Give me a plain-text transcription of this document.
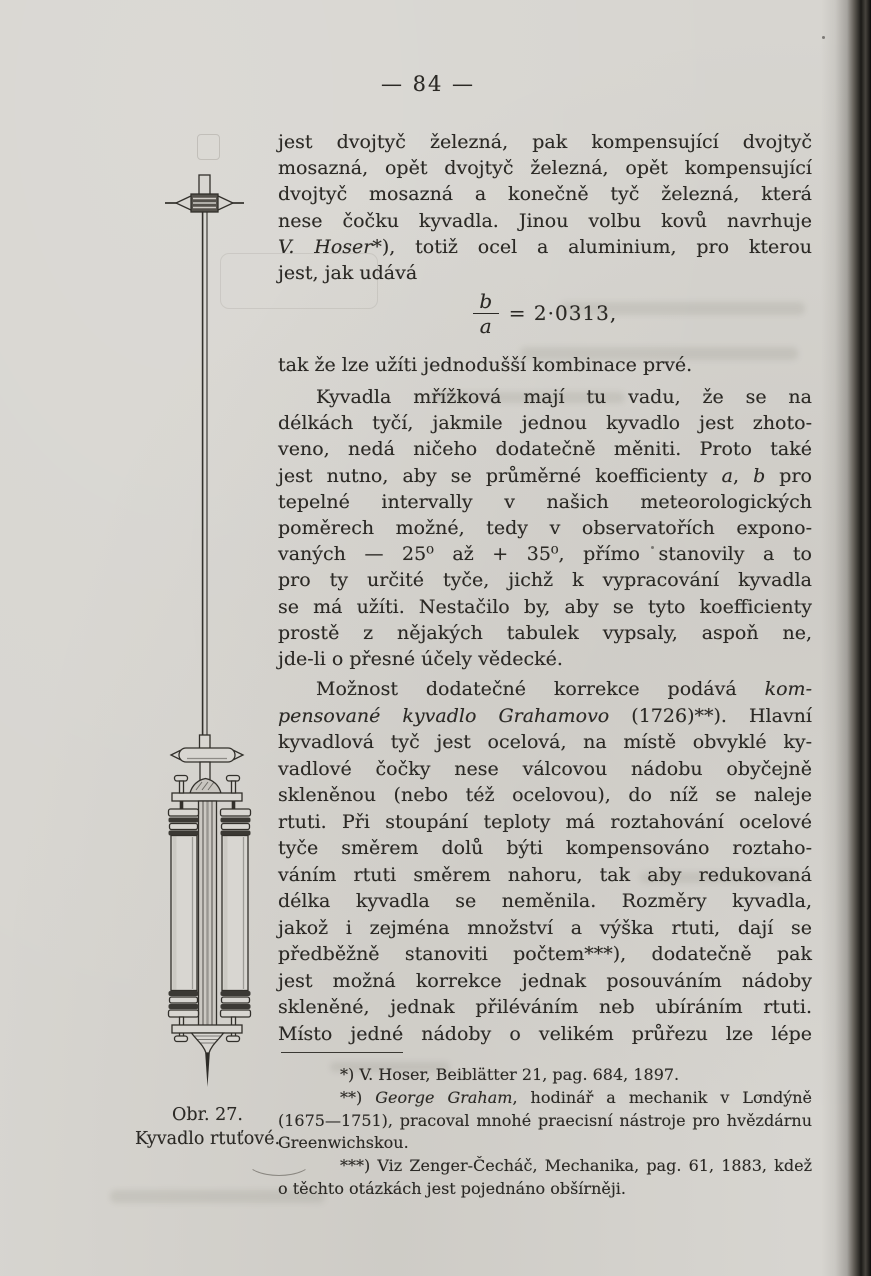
— 84 —
Obr. 27.
Kyvadlo rtuťové.
jest dvojtyč železná, pak kompensující dvojtyč
mosazná, opět dvojtyč železná, opět kompensující
dvojtyč mosazná a konečně tyč železná, která
nese čočku kyvadla. Jinou volbu kovů navrhuje
V. Hoser*), totiž ocel a aluminium, pro kterou
jest, jak udává
$\frac{b}{a} = 2\cdot 0313$,
tak že lze užíti jednodušší kombinace prvé.
Kyvadla mřížková mají tu vadu, že se na
délkách tyčí, jakmile jednou kyvadlo jest zhoto-
veno, nedá ničeho dodatečně měniti. Proto také
jest nutno, aby se průměrné koefficienty a, b pro
tepelné intervally v našich meteorologických
poměrech možné, tedy v observatořích expono-
vaných — 25⁰ až + 35⁰, přímo stanovily a to
pro ty určité tyče, jichž k vypracování kyvadla
se má užíti. Nestačilo by, aby se tyto koefficienty
prostě z nějakých tabulek vypsaly, aspoň ne,
jde-li o přesné účely vědecké.
Možnost dodatečné korrekce podává kom-
pensované kyvadlo Grahamovo (1726)**). Hlavní
kyvadlová tyč jest ocelová, na místě obvyklé ky-
vadlové čočky nese válcovou nádobu obyčejně
skleněnou (nebo též ocelovou), do níž se naleje
rtuti. Při stoupání teploty má roztahování ocelové
tyče směrem dolů býti kompensováno roztaho-
váním rtuti směrem nahoru, tak aby redukovaná
délka kyvadla se neměnila. Rozměry kyvadla,
jakož i zejména množství a výška rtuti, dají se
předběžně stanoviti počtem***), dodatečně pak
jest možná korrekce jednak posouváním nádoby
skleněné, jednak přiléváním neb ubíráním rtuti.
Místo jedné nádoby o velikém průřezu lze lépe
*) V. Hoser, Beiblätter 21, pag. 684, 1897.
**) George Graham, hodinář a mechanik v Londýně
(1675—1751), pracoval mnohé praecisní nástroje pro hvězdárnu
Greenwichskou.
***) Viz Zenger-Čecháč, Mechanika, pag. 61, 1883, kdež
o těchto otázkách jest pojednáno obšírněji.
